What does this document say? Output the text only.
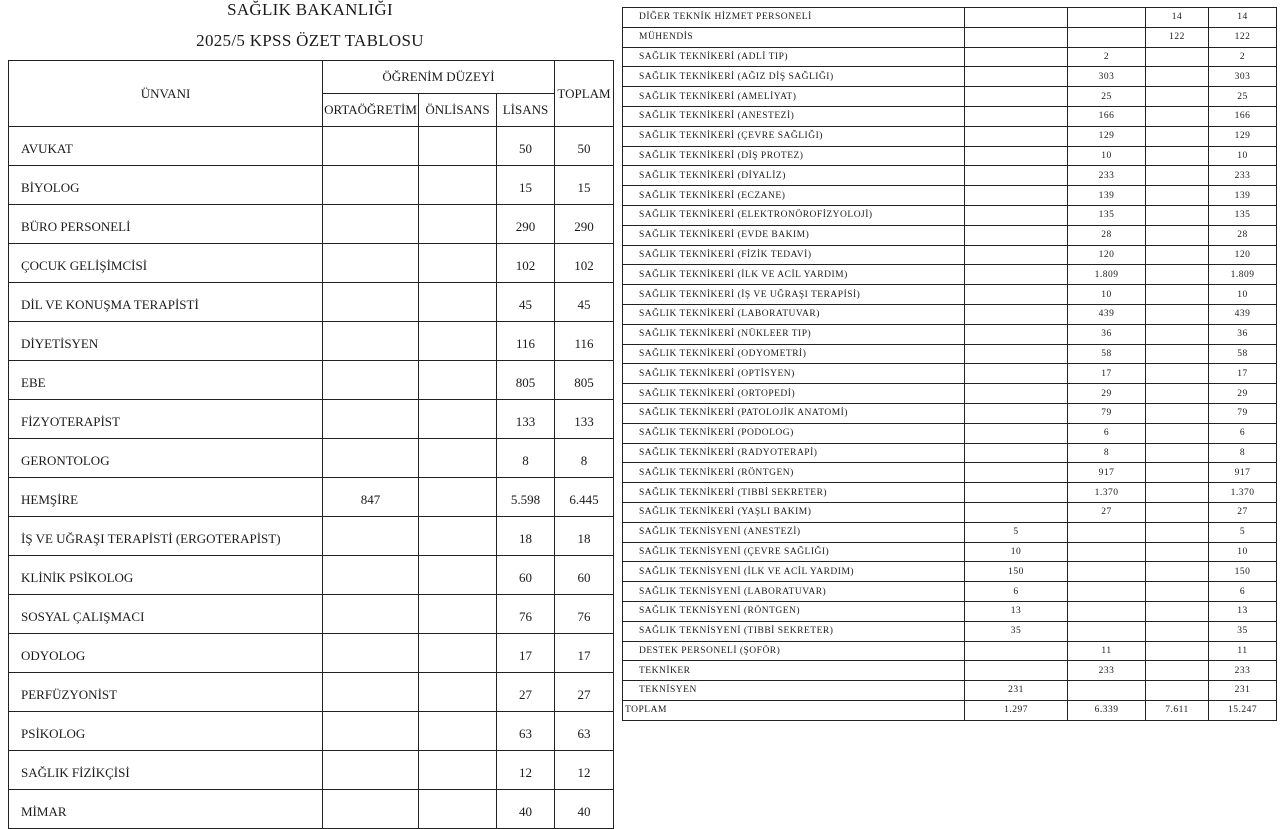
SAĞLIK BAKANLIĞI
2025/5 KPSS ÖZET TABLOSU
ÜNVANI	ÖĞRENİM DÜZEYİ			TOPLAM
	ORTAÖĞRETİM	ÖNLİSANS	LİSANS	
AVUKAT			50	50
BİYOLOG			15	15
BÜRO PERSONELİ			290	290
ÇOCUK GELİŞİMCİSİ			102	102
DİL VE KONUŞMA TERAPİSTİ			45	45
DİYETİSYEN			116	116
EBE			805	805
FİZYOTERAPİST			133	133
GERONTOLOG			8	8
HEMŞİRE	847		5.598	6.445
İŞ VE UĞRAŞI TERAPİSTİ (ERGOTERAPİST)			18	18
KLİNİK PSİKOLOG			60	60
SOSYAL ÇALIŞMACI			76	76
ODYOLOG			17	17
PERFÜZYONİST			27	27
PSİKOLOG			63	63
SAĞLIK FİZİKÇİSİ			12	12
MİMAR			40	40
DİĞER TEKNİK HİZMET PERSONELİ			14	14
MÜHENDİS			122	122
SAĞLIK TEKNİKERİ (ADLİ TIP)		2		2
SAĞLIK TEKNİKERİ (AĞIZ DİŞ SAĞLIĞI)		303		303
SAĞLIK TEKNİKERİ (AMELİYAT)		25		25
SAĞLIK TEKNİKERİ (ANESTEZİ)		166		166
SAĞLIK TEKNİKERİ (ÇEVRE SAĞLIĞI)		129		129
SAĞLIK TEKNİKERİ (DİŞ PROTEZ)		10		10
SAĞLIK TEKNİKERİ (DİYALİZ)		233		233
SAĞLIK TEKNİKERİ (ECZANE)		139		139
SAĞLIK TEKNİKERİ (ELEKTRONÖROFİZYOLOJİ)		135		135
SAĞLIK TEKNİKERİ (EVDE BAKIM)		28		28
SAĞLIK TEKNİKERİ (FİZİK TEDAVİ)		120		120
SAĞLIK TEKNİKERİ (İLK VE ACİL YARDIM)		1.809		1.809
SAĞLIK TEKNİKERİ (İŞ VE UĞRAŞI TERAPİSİ)		10		10
SAĞLIK TEKNİKERİ (LABORATUVAR)		439		439
SAĞLIK TEKNİKERİ (NÜKLEER TIP)		36		36
SAĞLIK TEKNİKERİ (ODYOMETRİ)		58		58
SAĞLIK TEKNİKERİ (OPTİSYEN)		17		17
SAĞLIK TEKNİKERİ (ORTOPEDİ)		29		29
SAĞLIK TEKNİKERİ (PATOLOJİK ANATOMİ)		79		79
SAĞLIK TEKNİKERİ (PODOLOG)		6		6
SAĞLIK TEKNİKERİ (RADYOTERAPİ)		8		8
SAĞLIK TEKNİKERİ (RÖNTGEN)		917		917
SAĞLIK TEKNİKERİ (TIBBİ SEKRETER)		1.370		1.370
SAĞLIK TEKNİKERİ (YAŞLI BAKIM)		27		27
SAĞLIK TEKNİSYENİ (ANESTEZİ)	5			5
SAĞLIK TEKNİSYENİ (ÇEVRE SAĞLIĞI)	10			10
SAĞLIK TEKNİSYENİ (İLK VE ACİL YARDIM)	150			150
SAĞLIK TEKNİSYENİ (LABORATUVAR)	6			6
SAĞLIK TEKNİSYENİ (RÖNTGEN)	13			13
SAĞLIK TEKNİSYENİ (TIBBİ SEKRETER)	35			35
DESTEK PERSONELİ (ŞOFÖR)		11		11
TEKNİKER		233		233
TEKNİSYEN	231			231
TOPLAM	1.297	6.339	7.611	15.247
